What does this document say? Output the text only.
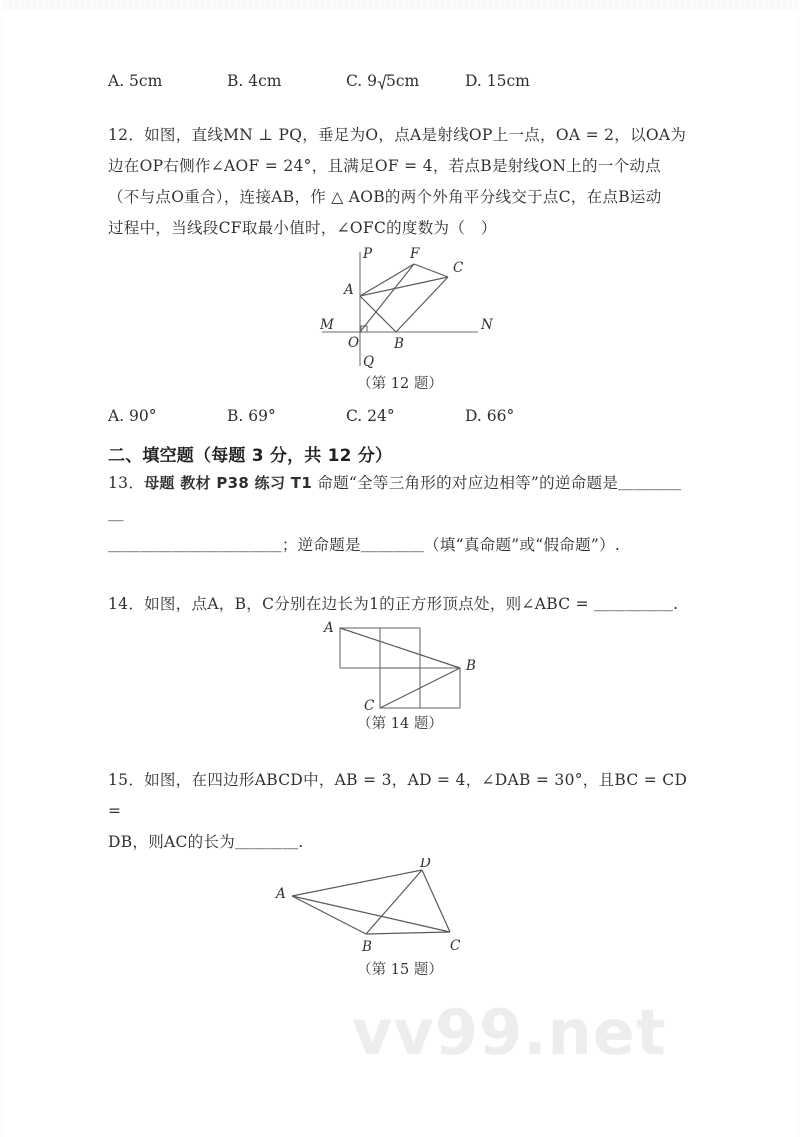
A. 5cm	B. 4cm	C. 9 5cm	D. 15cm
12．如图，直线MN ⊥ PQ，垂足为O，点A是射线OP上一点，OA = 2，以OA为
边在OP右侧作∠AOF = 24°，且满足OF = 4，若点B是射线ON上的一个动点
（不与点O重合），连接AB，作 △ AOB的两个外角平分线交于点C，在点B运动
过程中，当线段CF取最小值时，∠OFC的度数为（　）
P
Q
M	N
O
A
B
C
F
（第 12 题）
A. 90°	B. 69°	C. 24°	D. 66°
二、填空题（每题 3 分，共 12 分）
13．母题 教材 P38 练习 T1 命题“全等三角形的对应边相等”的逆命题是＿＿＿＿＿
＿＿＿＿＿＿＿＿＿＿＿；逆命题是＿＿＿＿（填“真命题”或“假命题”）.
14．如图，点A，B，C分别在边长为1的正方形顶点处，则∠ABC = ＿＿＿＿＿.
A
B
C
（第 14 题）
15．如图，在四边形ABCD中，AB = 3，AD = 4，∠DAB = 30°，且BC = CD =
DB，则AC的长为＿＿＿＿.
A
D
B	C
（第 15 题）
vv99.net
